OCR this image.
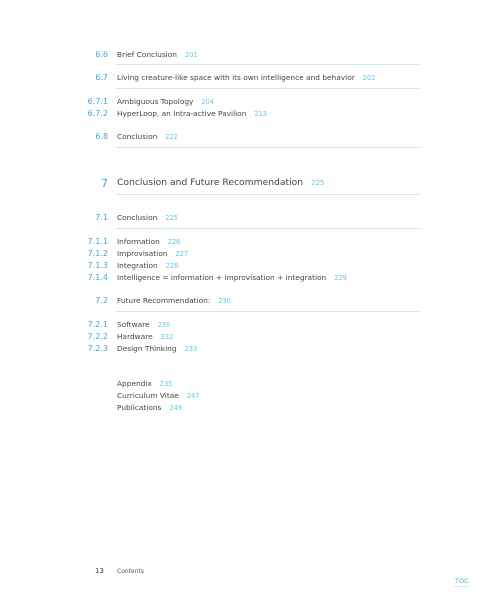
6.6 Brief Conclusion 201
6.7 Living creature-like space with its own intelligence and behavior 202
6.7.1 Ambiguous Topology 204
6.7.2 HyperLoop, an Intra-active Pavilion 213
6.8 Conclusion 222
7 Conclusion and Future Recommendation 225
7.1 Conclusion 225
7.1.1 Information 226
7.1.2 Improvisation 227
7.1.3 Integration 228
7.1.4 Intelligence = information + improvisation + integration 229
7.2 Future Recommendation: 230
7.2.1 Software 230
7.2.2 Hardware 232
7.2.3 Design Thinking 233
Appendix 235
Curriculum Vitae 247
Publications 249
13 Contents
TOC
